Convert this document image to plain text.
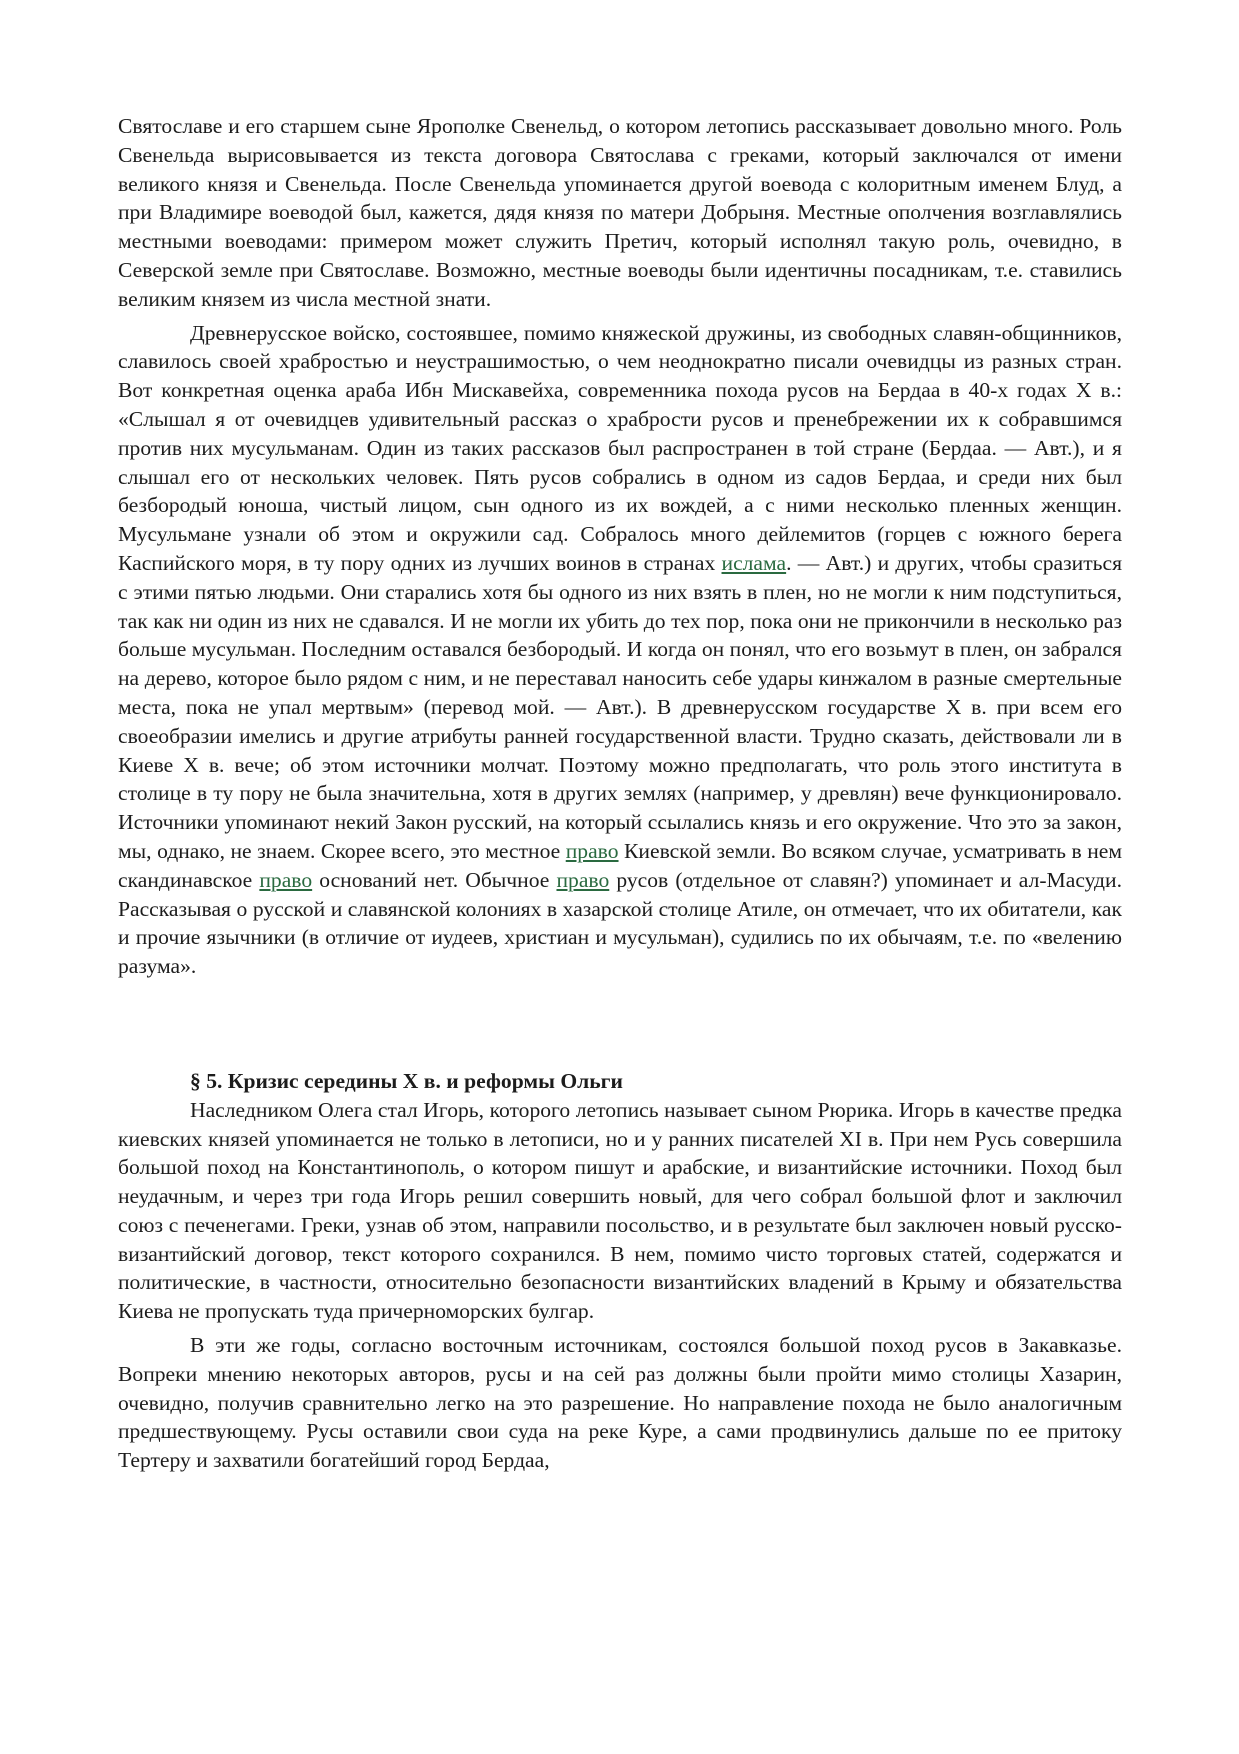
Святославе и его старшем сыне Ярополке Свенельд, о котором летопись рассказывает довольно много. Роль Свенельда вырисовывается из текста договора Святослава с греками, который заключался от имени великого князя и Свенельда. После Свенельда упоминается другой воевода с колоритным именем Блуд, а при Владимире воеводой был, кажется, дядя князя по матери Добрыня. Местные ополчения возглавлялись местными воеводами: примером может служить Претич, который исполнял такую роль, очевидно, в Северской земле при Святославе. Возможно, местные воеводы были идентичны посадникам, т.е. ставились великим князем из числа местной знати.

Древнерусское войско, состоявшее, помимо княжеской дружины, из свободных славян-общинников, славилось своей храбростью и неустрашимостью, о чем неоднократно писали очевидцы из разных стран. Вот конкретная оценка араба Ибн Мискавейха, современника похода русов на Бердаа в 40-х годах X в.: «Слышал я от очевидцев удивительный рассказ о храбрости русов и пренебрежении их к собравшимся против них мусульманам. Один из таких рассказов был распространен в той стране (Бердаа. — Авт.), и я слышал его от нескольких человек. Пять русов собрались в одном из садов Бердаа, и среди них был безбородый юноша, чистый лицом, сын одного из их вождей, а с ними несколько пленных женщин. Мусульмане узнали об этом и окружили сад. Собралось много дейлемитов (горцев с южного берега Каспийского моря, в ту пору одних из лучших воинов в странах ислама. — Авт.) и других, чтобы сразиться с этими пятью людьми. Они старались хотя бы одного из них взять в плен, но не могли к ним подступиться, так как ни один из них не сдавался. И не могли их убить до тех пор, пока они не прикончили в несколько раз больше мусульман. Последним оставался безбородый. И когда он понял, что его возьмут в плен, он забрался на дерево, которое было рядом с ним, и не переставал наносить себе удары кинжалом в разные смертельные места, пока не упал мертвым» (перевод мой. — Авт.). В древнерусском государстве X в. при всем его своеобразии имелись и другие атрибуты ранней государственной власти. Трудно сказать, действовали ли в Киеве X в. вече; об этом источники молчат. Поэтому можно предполагать, что роль этого института в столице в ту пору не была значительна, хотя в других землях (например, у древлян) вече функционировало. Источники упоминают некий Закон русский, на который ссылались князь и его окружение. Что это за закон, мы, однако, не знаем. Скорее всего, это местное право Киевской земли. Во всяком случае, усматривать в нем скандинавское право оснований нет. Обычное право русов (отдельное от славян?) упоминает и ал-Масуди. Рассказывая о русской и славянской колониях в хазарской столице Атиле, он отмечает, что их обитатели, как и прочие язычники (в отличие от иудеев, христиан и мусульман), судились по их обычаям, т.е. по «велению разума».

§ 5. Кризис середины X в. и реформы Ольги

Наследником Олега стал Игорь, которого летопись называет сыном Рюрика. Игорь в качестве предка киевских князей упоминается не только в летописи, но и у ранних писателей XI в. При нем Русь совершила большой поход на Константинополь, о котором пишут и арабские, и византийские источники. Поход был неудачным, и через три года Игорь решил совершить новый, для чего собрал большой флот и заключил союз с печенегами. Греки, узнав об этом, направили посольство, и в результате был заключен новый русско-византийский договор, текст которого сохранился. В нем, помимо чисто торговых статей, содержатся и политические, в частности, относительно безопасности византийских владений в Крыму и обязательства Киева не пропускать туда причерноморских булгар.

В эти же годы, согласно восточным источникам, состоялся большой поход русов в Закавказье. Вопреки мнению некоторых авторов, русы и на сей раз должны были пройти мимо столицы Хазарин, очевидно, получив сравнительно легко на это разрешение. Но направление похода не было аналогичным предшествующему. Русы оставили свои суда на реке Куре, а сами продвинулись дальше по ее притоку Тертеру и захватили богатейший город Бердаа,
